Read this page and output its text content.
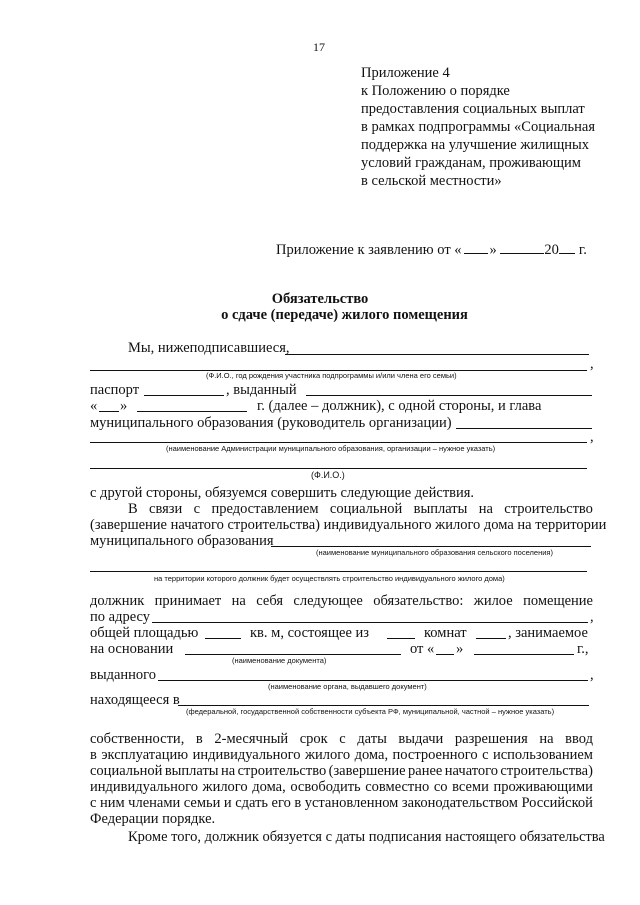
17
Приложение 4
к Положению о порядке
предоставления социальных выплат
в рамках подпрограммы «Социальная
поддержка на улучшение жилищных
условий гражданам, проживающим
в сельской местности»
Приложение к заявлению от « »	20 г.
Обязательство
о сдаче (передаче) жилого помещения
Мы, нижеподписавшиеся,
,
(Ф.И.О., год рождения участника подпрограммы и/или члена его семьи)
паспорт	, выданный
« »	г. (далее – должник), с одной стороны, и глава
муниципального образования (руководитель организации)
,
(наименование Администрации муниципального образования, организации – нужное указать)
(Ф.И.О.)
с другой стороны, обязуемся совершить следующие действия.
В связи с предоставлением социальной выплаты на строительство
(завершение начатого строительства) индивидуального жилого дома на территории
муниципального образования
(наименование муниципального образования сельского поселения)
на территории которого должник будет осуществлять строительство индивидуального жилого дома)
должник принимает на себя следующее обязательство: жилое помещение
по адресу	,
общей площадью	кв. м, состоящее из	комнат	, занимаемое
на основании	от « »	г.,
(наименование документа)
выданного	,
(наименование органа, выдавшего документ)
находящееся в
(федеральной, государственной собственности субъекта РФ, муниципальной, частной – нужное указать)
собственности, в 2-месячный срок с даты выдачи разрешения на ввод
в эксплуатацию индивидуального жилого дома, построенного с использованием
социальной выплаты на строительство (завершение ранее начатого строительства)
индивидуального жилого дома, освободить совместно со всеми проживающими
с ним членами семьи и сдать его в установленном законодательством Российской
Федерации порядке.
Кроме того, должник обязуется с даты подписания настоящего обязательства
